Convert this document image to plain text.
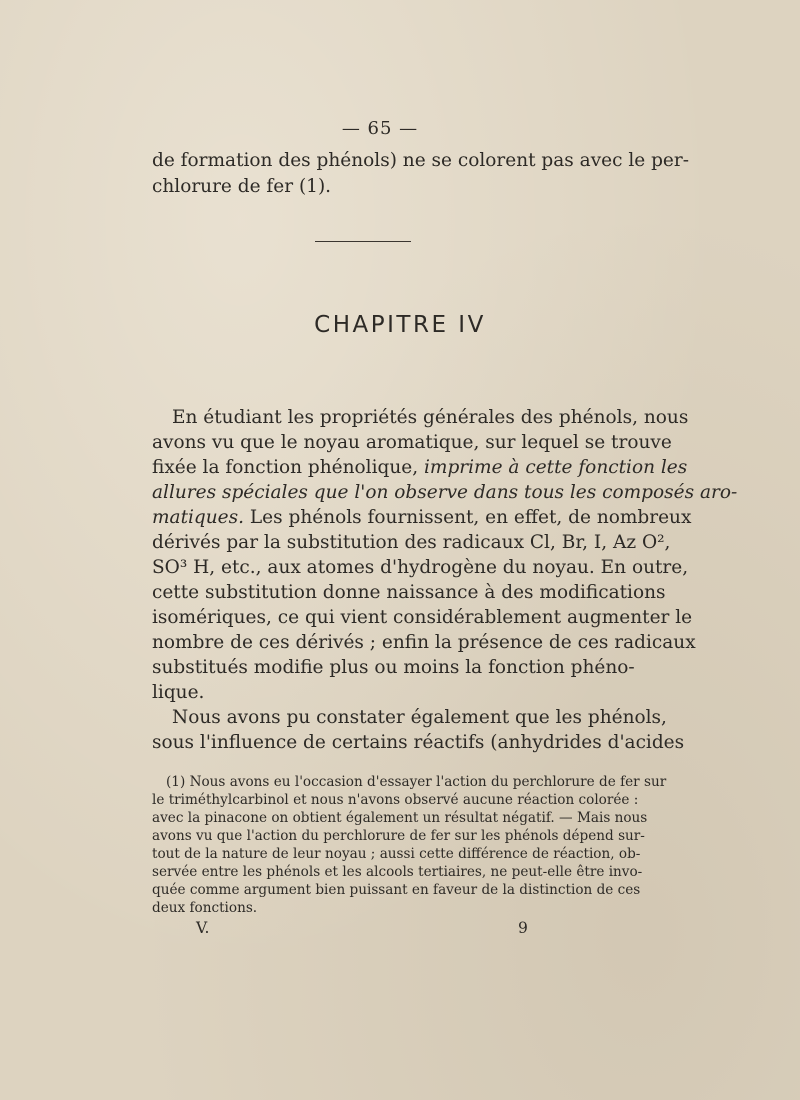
— 65 —
de formation des phénols) ne se colorent pas avec le per-
chlorure de fer (1).
CHAPITRE IV
En étudiant les propriétés générales des phénols, nous
avons vu que le noyau aromatique, sur lequel se trouve
fixée la fonction phénolique, imprime à cette fonction les
allures spéciales que l'on observe dans tous les composés aro-
matiques. Les phénols fournissent, en effet, de nombreux
dérivés par la substitution des radicaux Cl, Br, I, Az O²,
SO³ H, etc., aux atomes d'hydrogène du noyau. En outre,
cette substitution donne naissance à des modifications
isomériques, ce qui vient considérablement augmenter le
nombre de ces dérivés ; enfin la présence de ces radicaux
substitués modifie plus ou moins la fonction phéno-
lique.
Nous avons pu constater également que les phénols,
sous l'influence de certains réactifs (anhydrides d'acides
(1) Nous avons eu l'occasion d'essayer l'action du perchlorure de fer sur
le triméthylcarbinol et nous n'avons observé aucune réaction colorée :
avec la pinacone on obtient également un résultat négatif. — Mais nous
avons vu que l'action du perchlorure de fer sur les phénols dépend sur-
tout de la nature de leur noyau ; aussi cette différence de réaction, ob-
servée entre les phénols et les alcools tertiaires, ne peut-elle être invo-
quée comme argument bien puissant en faveur de la distinction de ces
deux fonctions.
V.	9
